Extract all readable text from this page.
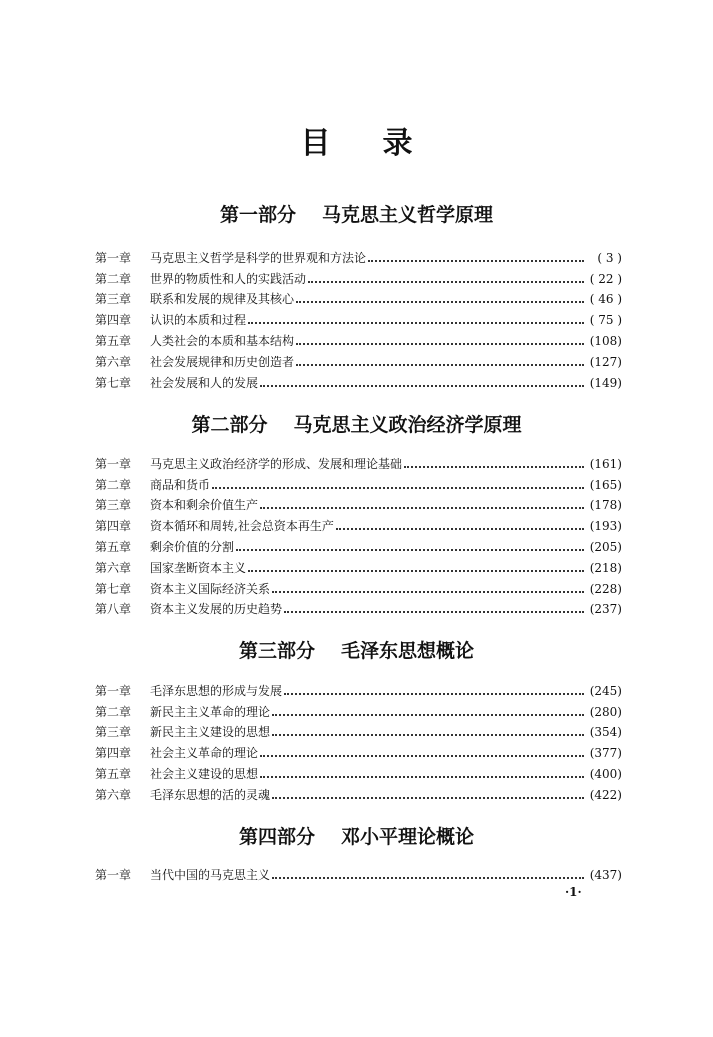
目 录
第一部分 马克思主义哲学原理
第一章	马克思主义哲学是科学的世界观和方法论	( 3 )
第二章	世界的物质性和人的实践活动	( 22 )
第三章	联系和发展的规律及其核心	( 46 )
第四章	认识的本质和过程	( 75 )
第五章	人类社会的本质和基本结构	(108)
第六章	社会发展规律和历史创造者	(127)
第七章	社会发展和人的发展	(149)
第二部分 马克思主义政治经济学原理
第一章	马克思主义政治经济学的形成、发展和理论基础	(161)
第二章	商品和货币	(165)
第三章	资本和剩余价值生产	(178)
第四章	资本循环和周转,社会总资本再生产	(193)
第五章	剩余价值的分割	(205)
第六章	国家垄断资本主义	(218)
第七章	资本主义国际经济关系	(228)
第八章	资本主义发展的历史趋势	(237)
第三部分 毛泽东思想概论
第一章	毛泽东思想的形成与发展	(245)
第二章	新民主主义革命的理论	(280)
第三章	新民主主义建设的思想	(354)
第四章	社会主义革命的理论	(377)
第五章	社会主义建设的思想	(400)
第六章	毛泽东思想的活的灵魂	(422)
第四部分 邓小平理论概论
第一章	当代中国的马克思主义	(437)
·1·
